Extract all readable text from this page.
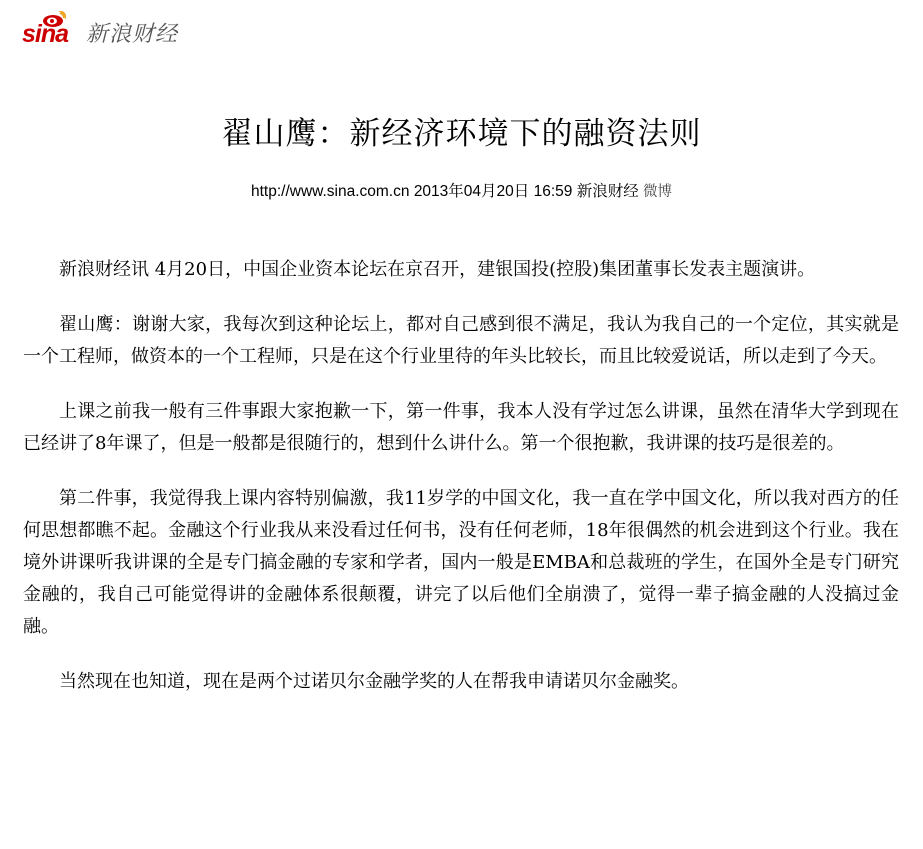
sina 新浪财经
翟山鹰：新经济环境下的融资法则
http://www.sina.com.cn 2013年04月20日 16:59 新浪财经 微博

新浪财经讯 4月20日，中国企业资本论坛在京召开，建银国投(控股)集团董事长发表主题演讲。

翟山鹰：谢谢大家，我每次到这种论坛上，都对自己感到很不满足，我认为我自己的一个定位，其实就是一个工程师，做资本的一个工程师，只是在这个行业里待的年头比较长，而且比较爱说话，所以走到了今天。

上课之前我一般有三件事跟大家抱歉一下，第一件事，我本人没有学过怎么讲课，虽然在清华大学到现在已经讲了8年课了，但是一般都是很随行的，想到什么讲什么。第一个很抱歉，我讲课的技巧是很差的。

第二件事，我觉得我上课内容特别偏激，我11岁学的中国文化，我一直在学中国文化，所以我对西方的任何思想都瞧不起。金融这个行业我从来没看过任何书，没有任何老师，18年很偶然的机会进到这个行业。我在境外讲课听我讲课的全是专门搞金融的专家和学者，国内一般是EMBA和总裁班的学生，在国外全是专门研究金融的，我自己可能觉得讲的金融体系很颠覆，讲完了以后他们全崩溃了，觉得一辈子搞金融的人没搞过金融。

当然现在也知道，现在是两个过诺贝尔金融学奖的人在帮我申请诺贝尔金融奖。
